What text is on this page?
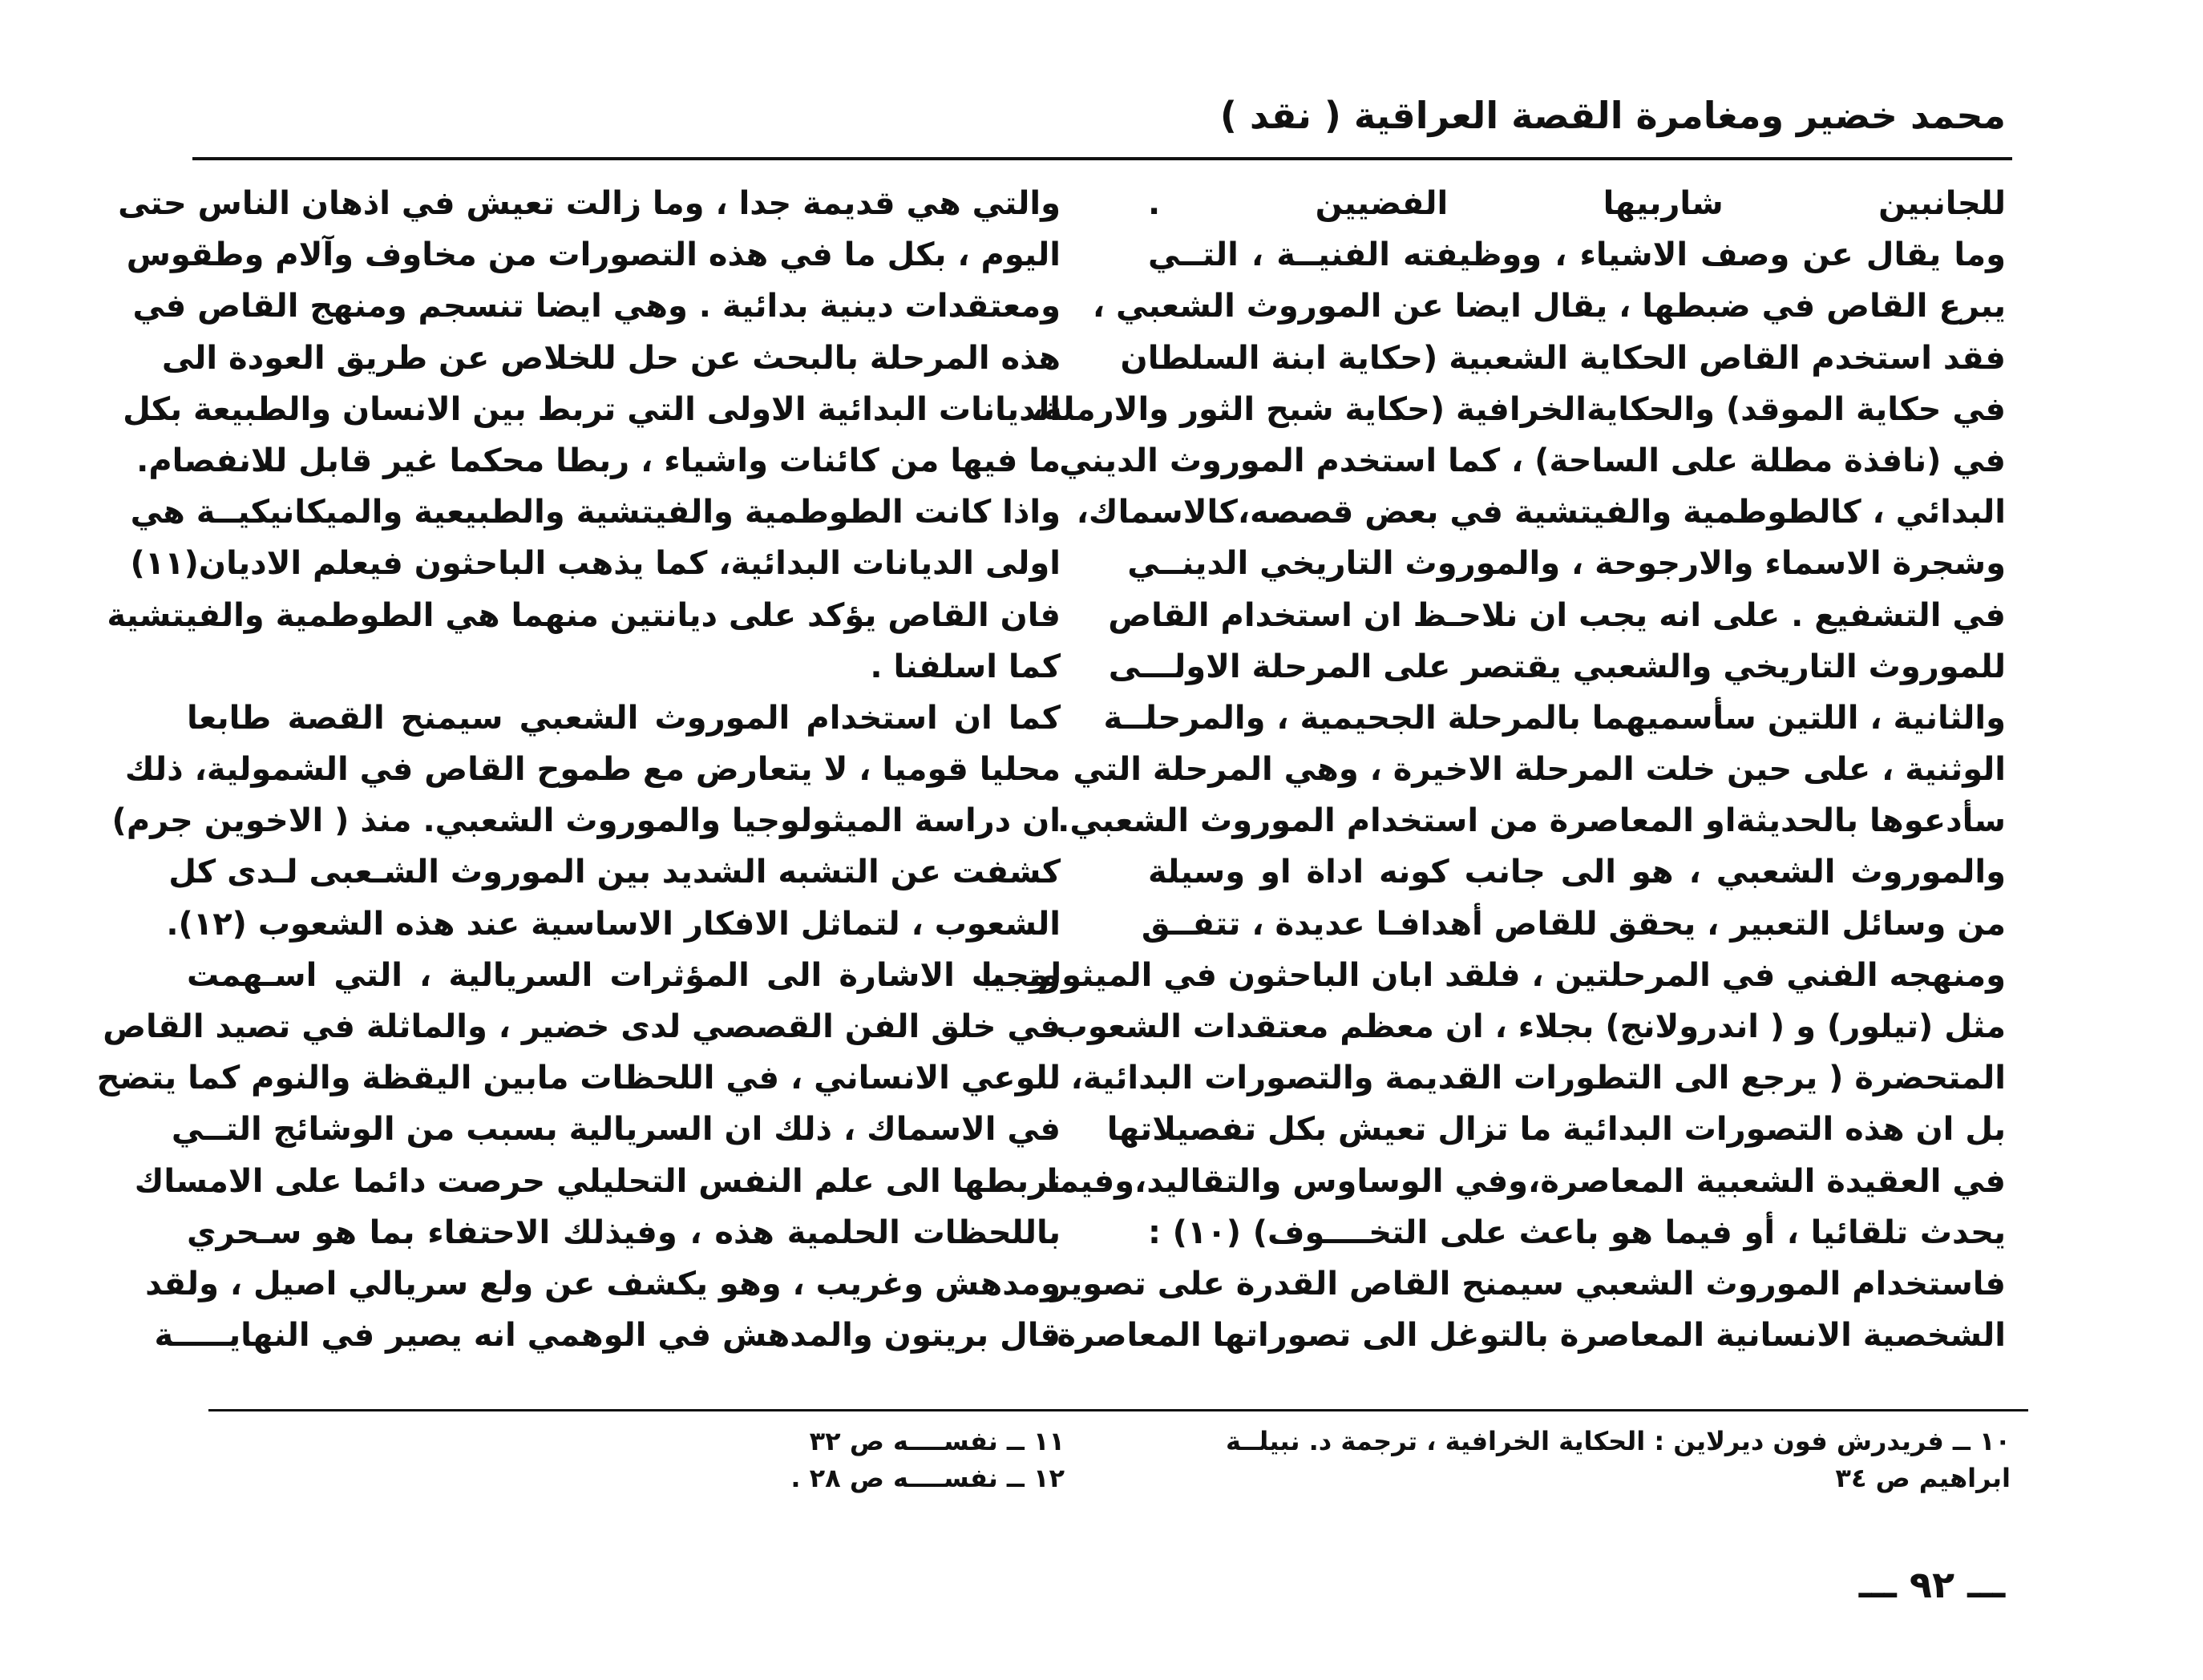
محمد خضير ومغامرة القصة العراقية ( نقد )
للجانبين شاربيها الفضيين .
وما يقال عن وصف الاشياء ، ووظيفته الفنيــة ، التــي
يبرع القاص في ضبطها ، يقال ايضا عن الموروث الشعبي ،
فقد استخدم القاص الحكاية الشعبية (حكاية ابنة السلطان
في حكاية الموقد) والحكايةالخرافية (حكاية شبح الثور والارملة،
في (نافذة مطلة على الساحة) ، كما استخدم الموروث الديني
البدائي ، كالطوطمية والفيتشية في بعض قصصه،كالاسماك،
وشجرة الاسماء والارجوحة ، والموروث التاريخي الدينــي
في التشفيع . على انه يجب ان نلاحـظ ان استخدام القاص
للموروث التاريخي والشعبي يقتصر على المرحلة الاولـــى
والثانية ، اللتين سأسميهما بالمرحلة الجحيمية ، والمرحلــة
الوثنية ، على حين خلت المرحلة الاخيرة ، وهي المرحلة التي
سأدعوها بالحديثةاو المعاصرة من استخدام الموروث الشعبي.
والموروث الشعبي ، هو الى جانب كونه اداة او وسيلة
من وسائل التعبير ، يحقق للقاص أهدافـا عديدة ، تتفــق
ومنهجه الفني في المرحلتين ، فلقد ابان الباحثون في الميثولوجيا
مثل (تيلور) و ( اندرولانج) بجلاء ، ان معظم معتقدات الشعوب
المتحضرة ( يرجع الى التطورات القديمة والتصورات البدائية،
بل ان هذه التصورات البدائية ما تزال تعيش بكل تفصيلاتها
في العقيدة الشعبية المعاصرة،وفي الوساوس والتقاليد،وفيما
يحدث تلقائيا ، أو فيما هو باعث على التخــــوف) (١٠) :
فاستخدام الموروث الشعبي سيمنح القاص القدرة على تصوير
الشخصية الانسانية المعاصرة بالتوغل الى تصوراتها المعاصرة،
والتي هي قديمة جدا ، وما زالت تعيش في اذهان الناس حتى
اليوم ، بكل ما في هذه التصورات من مخاوف وآلام وطقوس
ومعتقدات دينية بدائية . وهي ايضا تنسجم ومنهج القاص في
هذه المرحلة بالبحث عن حل للخلاص عن طريق العودة الى
الديانات البدائية الاولى التي تربط بين الانسان والطبيعة بكل
ما فيها من كائنات واشياء ، ربطا محكما غير قابل للانفصام.
واذا كانت الطوطمية والفيتشية والطبيعية والميكانيكيــة هي
اولى الديانات البدائية، كما يذهب الباحثون فيعلم الاديان(١١)
فان القاص يؤكد على ديانتين منهما هي الطوطمية والفيتشية
كما اسلفنا .
كما ان استخدام الموروث الشعبي سيمنح القصة طابعا
محليا قوميا ، لا يتعارض مع طموح القاص في الشمولية، ذلك
ان دراسة الميثولوجيا والموروث الشعبي. منذ ( الاخوين جرم)
كشفت عن التشبه الشديد بين الموروث الشـعبى لـدى كل
الشعوب ، لتماثل الافكار الاساسية عند هذه الشعوب (١٢).
وتجب الاشارة الى المؤثرات السريالية ، التي اسـهمت
في خلق الفن القصصي لدى خضير ، والماثلة في تصيد القاص
للوعي الانساني ، في اللحظات مابين اليقظة والنوم كما يتضح
في الاسماك ، ذلك ان السريالية بسبب من الوشائج التــي
تربطها الى علم النفس التحليلي حرصت دائما على الامساك
باللحظات الحلمية هذه ، وفيذلك الاحتفاء بما هو سـحري
ومدهش وغريب ، وهو يكشف عن ولع سريالي اصيل ، ولقد
قال بريتون والمدهش في الوهمي انه يصير في النهايـــــة
١٠ ــ فريدرش فون ديرلاين : الحكاية الخرافية ، ترجمة د. نبيلــة
ابراهيم ص ٣٤
١١ ــ نفســــه ص ٣٢
١٢ ــ نفســــه ص ٢٨ .
ـــ ٩٢ ـــ
